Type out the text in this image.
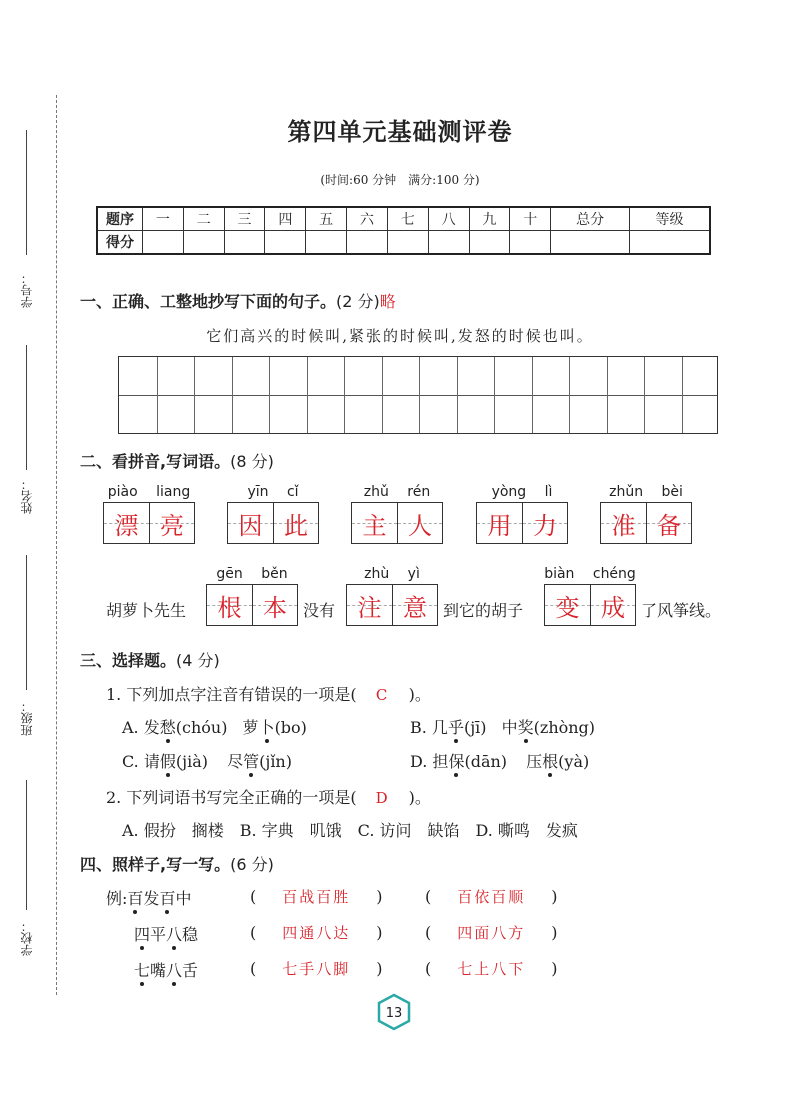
学号：
姓名：
班级：
学校：
第四单元基础测评卷
(时间:60 分钟　满分:100 分)
题序	一	二	三	四	五	六	七	八	九	十	总分	等级
得分												
一、正确、工整地抄写下面的句子。(2 分)略
它们高兴的时候叫,紧张的时候叫,发怒的时候也叫。
二、看拼音,写词语。(8 分)
piào liang
漂 亮
yīn cǐ
因 此
zhǔ rén
主 人
yòng lì
用 力
zhǔn bèi
准 备
胡萝卜先生
gēn běn
根 本 没有
zhù yì
注 意 到它的胡子
biàn chéng
变 成 了风筝线。
三、选择题。(4 分)
1. 下列加点字注音有错误的一项是( C )。
A. 发愁(chóu) 萝卜(bo)	B. 几乎(jī) 中奖(zhòng)
C. 请假(jià) 尽管(jǐn)	D. 担保(dān) 压根(yà)
2. 下列词语书写完全正确的一项是( D )。
A. 假扮　搁楼　B. 字典　叽饿　C. 访问　缺馅　D. 嘶鸣　发疯
四、照样子,写一写。(6 分)
例:百发百中	( 百战百胜 )	( 百依百顺 )
四平八稳	( 四通八达 )	( 四面八方 )
七嘴八舌	( 七手八脚 )	( 七上八下 )
13
